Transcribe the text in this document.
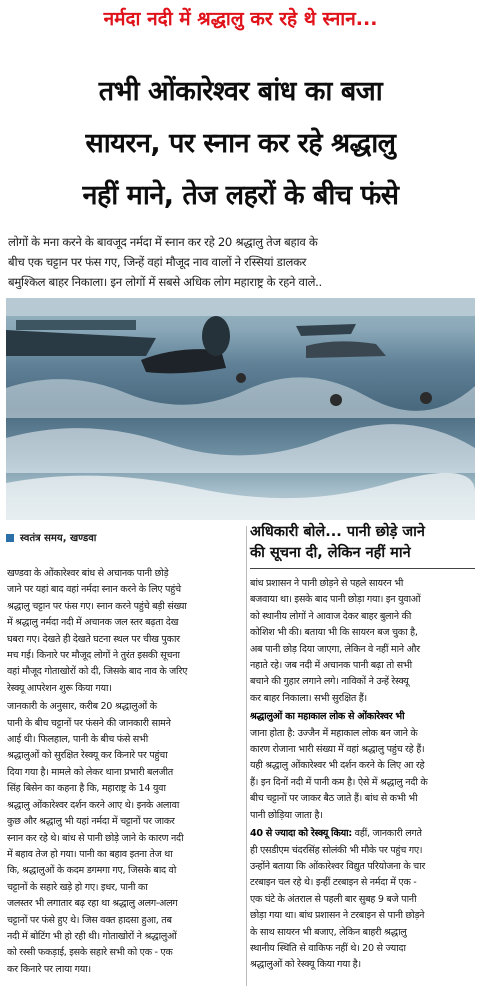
नर्मदा नदी में श्रद्धालु कर रहे थे स्नान...
तभी ओंकारेश्वर बांध का बजा
सायरन, पर स्नान कर रहे श्रद्धालु
नहीं माने, तेज लहरों के बीच फंसे
लोगों के मना करने के बावजूद नर्मदा में स्नान कर रहे 20 श्रद्धालु तेज बहाव के
बीच एक चट्टान पर फंस गए, जिन्हें वहां मौजूद नाव वालों ने रस्सियां डालकर
बमुश्किल बाहर निकाला। इन लोगों में सबसे अधिक लोग महाराष्ट्र के रहने वाले..
स्वतंत्र समय, खण्डवा

खण्डवा के ओंकारेश्वर बांध से अचानक पानी छोड़े
जाने पर यहां बाद वहां नर्मदा स्नान करने के लिए पहुंचे
श्रद्धालु चट्टान पर फंस गए। स्नान करने पहुंचे बड़ी संख्या
में श्रद्धालु नर्मदा नदी में अचानक जल स्तर बढ़ता देख
घबरा गए। देखते ही देखते घटना स्थल पर चीख पुकार
मच गई। किनारे पर मौजूद लोगों ने तुरंत इसकी सूचना
वहां मौजूद गोताखोरों को दी, जिसके बाद नाव के जरिए
रेस्क्यू आपरेशन शुरू किया गया।

जानकारी के अनुसार, करीब 20 श्रद्धालुओं के
पानी के बीच चट्टानों पर फंसने की जानकारी सामने
आई थी। फिलहाल, पानी के बीच फंसे सभी
श्रद्धालुओं को सुरक्षित रेस्क्यू कर किनारे पर पहुंचा
दिया गया है। मामले को लेकर थाना प्रभारी बलजीत
सिंह बिसेन का कहना है कि, महाराष्ट्र के 14 युवा
श्रद्धालु ओंकारेश्वर दर्शन करने आए थे। इनके अलावा
कुछ और श्रद्धालु भी यहां नर्मदा में चट्टानों पर जाकर
स्नान कर रहे थे। बांध से पानी छोड़े जाने के कारण नदी
में बहाव तेज हो गया। पानी का बहाव इतना तेज था
कि, श्रद्धालुओं के कदम डगमगा गए, जिसके बाद वो
चट्टानों के सहारे खड़े हो गए। इधर, पानी का
जलस्तर भी लगातार बढ़ रहा था श्रद्धालु अलग-अलग
चट्टानों पर फंसे हुए थे। जिस वक्त हादसा हुआ, तब
नदी में बोटिंग भी हो रही थी। गोताखोरों ने श्रद्धालुओं
को रस्सी फकड़ाई, इसके सहारे सभी को एक - एक
कर किनारे पर लाया गया।

अधिकारी बोले... पानी छोड़े जाने
की सूचना दी, लेकिन नहीं माने

बांध प्रशासन ने पानी छोड़ने से पहले सायरन भी
बजवाया था। इसके बाद पानी छोड़ा गया। इन युवाओं
को स्थानीय लोगों ने आवाज देकर बाहर बुलाने की
कोशिश भी की। बताया भी कि सायरन बज चुका है,
अब पानी छोड़ दिया जाएगा, लेकिन वे नहीं माने और
नहाते रहे। जब नदी में अचानक पानी बढ़ा तो सभी
बचाने की गुहार लगाने लगे। नाविकों ने उन्हें रेस्क्यू
कर बाहर निकाला। सभी सुरक्षित हैं।

श्रद्धालुओं का महाकाल लोक से ओंकारेश्वर भी
जाना होता है: उज्जैन में महाकाल लोक बन जाने के
कारण रोजाना भारी संख्या में वहां श्रद्धालु पहुंच रहे हैं।
यही श्रद्धालु ओंकारेश्वर भी दर्शन करने के लिए आ रहे
हैं। इन दिनों नदी में पानी कम है। ऐसे में श्रद्धालु नदी के
बीच चट्टानों पर जाकर बैठ जाते हैं। बांध से कभी भी
पानी छोड़िया जाता है।

40 से ज्यादा को रेस्क्यू किया: वहीं, जानकारी लगते
ही एसडीएम चंदरसिंह सोलंकी भी मौके पर पहुंच गए।
उन्होंने बताया कि ओंकारेश्वर विद्युत परियोजना के चार
टरबाइन चल रहे थे। इन्हीं टरबाइन से नर्मदा में एक -
एक घंटे के अंतराल से पहली बार सुबह 9 बजे पानी
छोड़ा गया था। बांध प्रशासन ने टरबाइन से पानी छोड़ने
के साथ सायरन भी बजाए, लेकिन बाहरी श्रद्धालु
स्थानीय स्थिति से वाकिफ नहीं थे। 20 से ज्यादा
श्रद्धालुओं को रेस्क्यू किया गया है।
